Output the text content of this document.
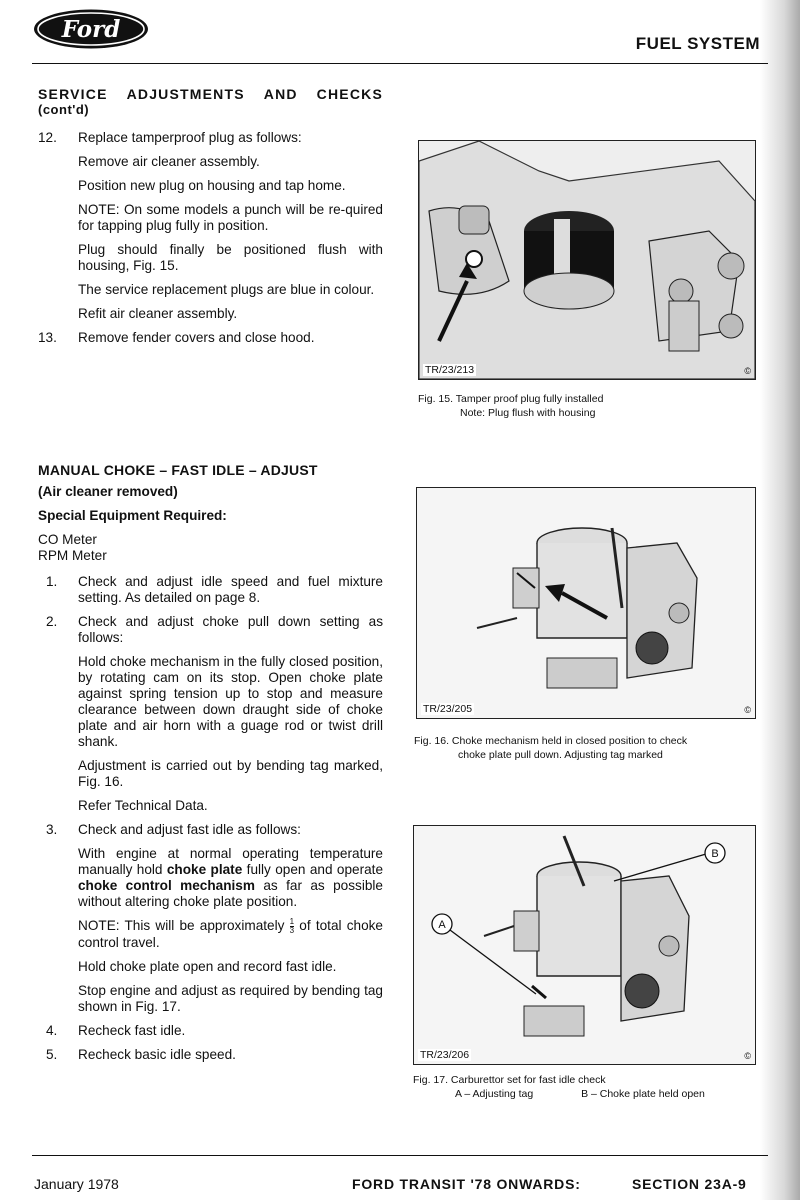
Ford
FUEL SYSTEM
SERVICE ADJUSTMENTS AND CHECKS
(cont'd)
12.	Replace tamperproof plug as follows:
Remove air cleaner assembly.
Position new plug on housing and tap home.
NOTE: On some models a punch will be re-quired for tapping plug fully in position.
Plug should finally be positioned flush with housing, Fig. 15.
The service replacement plugs are blue in colour.
Refit air cleaner assembly.
13.	Remove fender covers and close hood.
MANUAL CHOKE – FAST IDLE – ADJUST
(Air cleaner removed)
Special Equipment Required:
CO Meter
RPM Meter
1.	Check and adjust idle speed and fuel mixture setting. As detailed on page 8.
2.	Check and adjust choke pull down setting as follows:
Hold choke mechanism in the fully closed position, by rotating cam on its stop. Open choke plate against spring tension up to stop and measure clearance between down draught side of choke plate and air horn with a guage rod or twist drill shank.
Adjustment is carried out by bending tag marked, Fig. 16.
Refer Technical Data.
3.	Check and adjust fast idle as follows:
With engine at normal operating temperature manually hold choke plate fully open and operate choke control mechanism as far as possible without altering choke plate position.
NOTE: This will be approximately $\frac{1}{3}$ of total choke control travel.
Hold choke plate open and record fast idle.
Stop engine and adjust as required by bending tag shown in Fig. 17.
4.	Recheck fast idle.
5.	Recheck basic idle speed.
TR/23/213	©
Fig. 15. Tamper proof plug fully installed
Note: Plug flush with housing
TR/23/205	©
Fig. 16. Choke mechanism held in closed position to check
choke plate pull down. Adjusting tag marked
A
B
TR/23/206	©
Fig. 17. Carburettor set for fast idle check
A – Adjusting tag	B – Choke plate held open
January 1978	FORD TRANSIT '78 ONWARDS:	SECTION 23A-9
